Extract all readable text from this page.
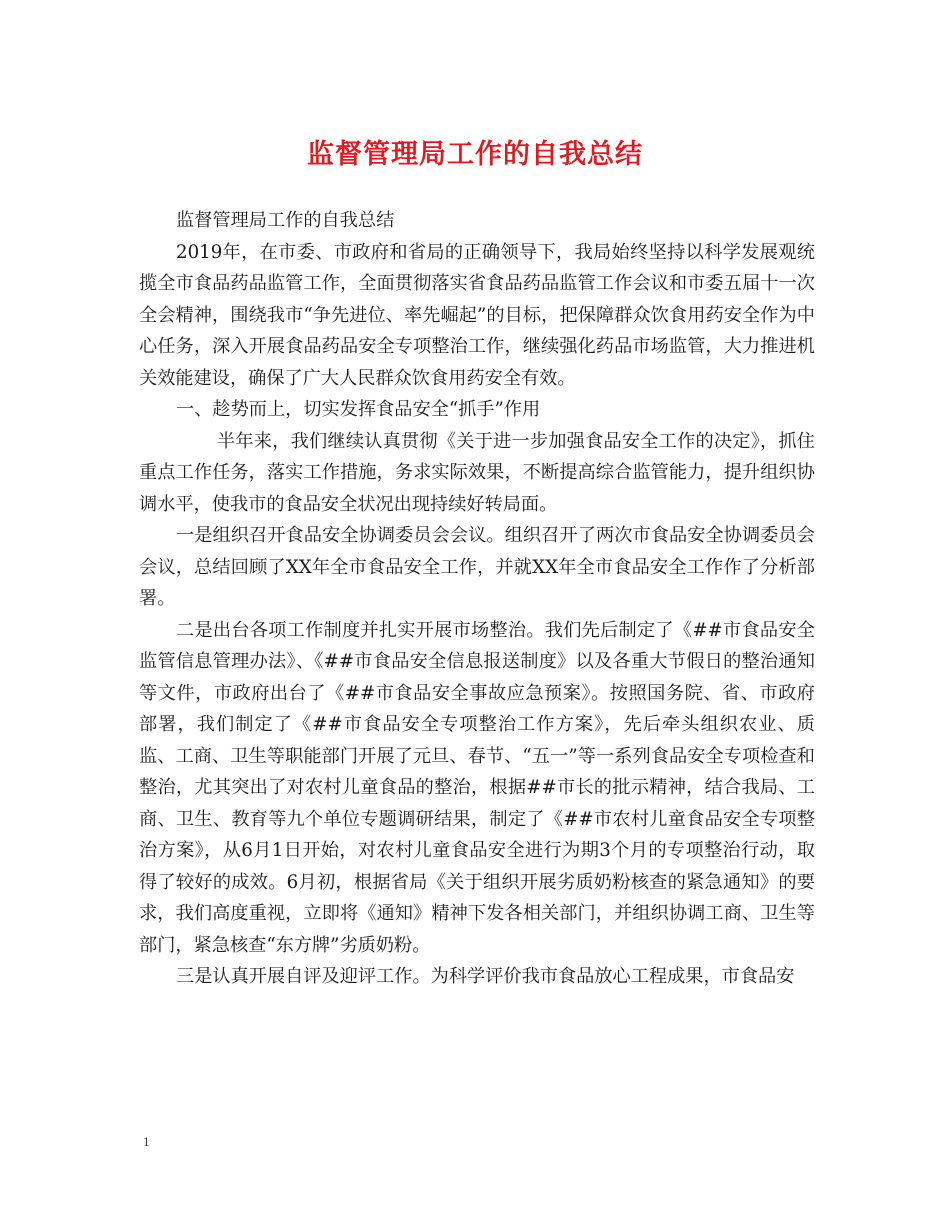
监督管理局工作的自我总结

监督管理局工作的自我总结

2019年，在市委、市政府和省局的正确领导下，我局始终坚持以科学发展观统揽全市食品药品监管工作，全面贯彻落实省食品药品监管工作会议和市委五届十一次全会精神，围绕我市“争先进位、率先崛起”的目标，把保障群众饮食用药安全作为中心任务，深入开展食品药品安全专项整治工作，继续强化药品市场监管，大力推进机关效能建设，确保了广大人民群众饮食用药安全有效。

一、趁势而上，切实发挥食品安全“抓手”作用

半年来，我们继续认真贯彻《关于进一步加强食品安全工作的决定》，抓住重点工作任务，落实工作措施，务求实际效果，不断提高综合监管能力，提升组织协调水平，使我市的食品安全状况出现持续好转局面。

一是组织召开食品安全协调委员会会议。组织召开了两次市食品安全协调委员会会议，总结回顾了XX年全市食品安全工作，并就XX年全市食品安全工作作了分析部署。

二是出台各项工作制度并扎实开展市场整治。我们先后制定了《##市食品安全监管信息管理办法》、《##市食品安全信息报送制度》以及各重大节假日的整治通知等文件，市政府出台了《##市食品安全事故应急预案》。按照国务院、省、市政府部署，我们制定了《##市食品安全专项整治工作方案》，先后牵头组织农业、质监、工商、卫生等职能部门开展了元旦、春节、“五一”等一系列食品安全专项检查和整治，尤其突出了对农村儿童食品的整治，根据##市长的批示精神，结合我局、工商、卫生、教育等九个单位专题调研结果，制定了《##市农村儿童食品安全专项整治方案》，从6月1日开始，对农村儿童食品安全进行为期3个月的专项整治行动，取得了较好的成效。6月初，根据省局《关于组织开展劣质奶粉核查的紧急通知》的要求，我们高度重视，立即将《通知》精神下发各相关部门，并组织协调工商、卫生等部门，紧急核查“东方牌”劣质奶粉。

三是认真开展自评及迎评工作。为科学评价我市食品放心工程成果，市食品安

1
